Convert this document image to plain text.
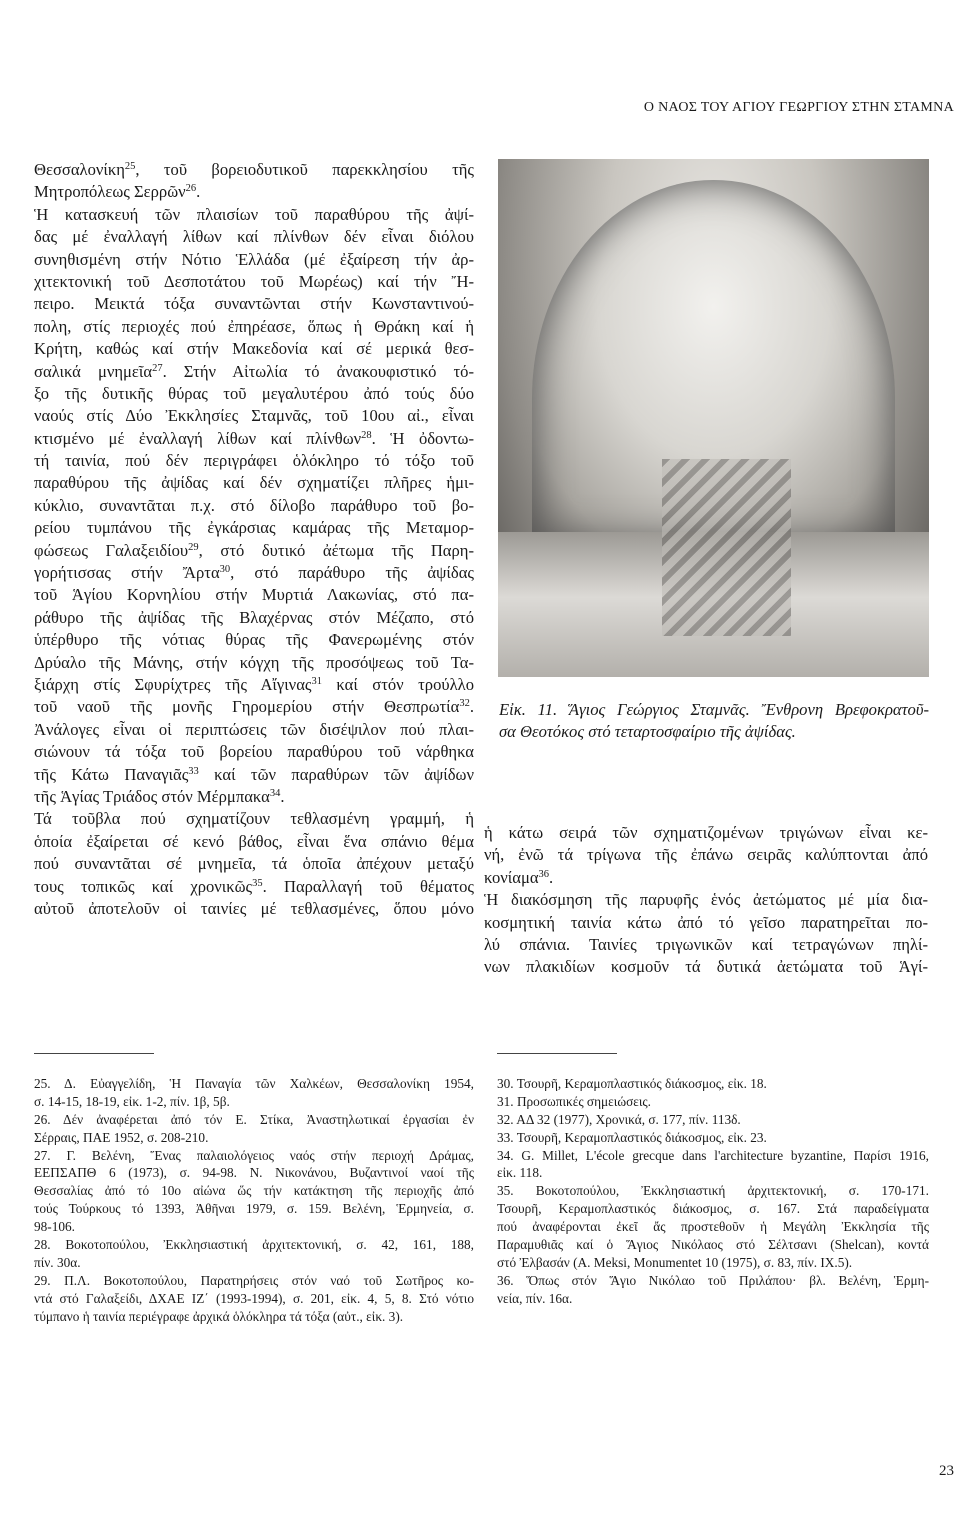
Ο ΝΑΟΣ ΤΟΥ ΑΓΙΟΥ ΓΕΩΡΓΙΟΥ ΣΤΗΝ ΣΤΑΜΝΑ
Θεσσαλονίκη$^{25}$, τοῦ βορειοδυτικοῦ παρεκκλησίου τῆς
Μητροπόλεως Σερρῶν$^{26}$.
Ἡ κατασκευή τῶν πλαισίων τοῦ παραθύρου τῆς ἀψί-
δας μέ ἐναλλαγή λίθων καί πλίνθων δέν εἶναι διόλου
συνηθισμένη στήν Νότιο Ἑλλάδα (μέ ἐξαίρεση τήν ἀρ-
χιτεκτονική τοῦ Δεσποτάτου τοῦ Μωρέως) καί τήν Ἤ-
πειρο. Μεικτά τόξα συναντῶνται στήν Κωνσταντινού-
πολη, στίς περιοχές πού ἐπηρέασε, ὅπως ἡ Θράκη καί ἡ
Κρήτη, καθώς καί στήν Μακεδονία καί σέ μερικά θεσ-
σαλικά μνημεῖα$^{27}$. Στήν Αἰτωλία τό ἀνακουφιστικό τό-
ξο τῆς δυτικῆς θύρας τοῦ μεγαλυτέρου ἀπό τούς δύο
ναούς στίς Δύο Ἐκκλησίες Σταμνᾶς, τοῦ 10ου αἰ., εἶναι
κτισμένο μέ ἐναλλαγή λίθων καί πλίνθων$^{28}$. Ἡ ὀδοντω-
τή ταινία, πού δέν περιγράφει ὁλόκληρο τό τόξο τοῦ
παραθύρου τῆς ἀψίδας καί δέν σχηματίζει πλῆρες ἡμι-
κύκλιο, συναντᾶται π.χ. στό δίλοβο παράθυρο τοῦ βο-
ρείου τυμπάνου τῆς ἐγκάρσιας καμάρας τῆς Μεταμορ-
φώσεως Γαλαξειδίου$^{29}$, στό δυτικό ἀέτωμα τῆς Παρη-
γορήτισσας στήν Ἄρτα$^{30}$, στό παράθυρο τῆς ἀψίδας
τοῦ Ἁγίου Κορνηλίου στήν Μυρτιά Λακωνίας, στό πα-
ράθυρο τῆς ἀψίδας τῆς Βλαχέρνας στόν Μέζαπο, στό
ὑπέρθυρο τῆς νότιας θύρας τῆς Φανερωμένης στόν
Δρύαλο τῆς Μάνης, στήν κόγχη τῆς προσόψεως τοῦ Τα-
ξιάρχη στίς Σφυρίχτρες τῆς Αἴγινας$^{31}$ καί στόν τρούλλο
τοῦ ναοῦ τῆς μονῆς Γηρομερίου στήν Θεσπρωτία$^{32}$.
Ἀνάλογες εἶναι οἱ περιπτώσεις τῶν δισέψιλον πού πλαι-
σιώνουν τά τόξα τοῦ βορείου παραθύρου τοῦ νάρθηκα
τῆς Κάτω Παναγιᾶς$^{33}$ καί τῶν παραθύρων τῶν ἀψίδων
τῆς Ἁγίας Τριάδος στόν Μέρμπακα$^{34}$.
Τά τοῦβλα πού σχηματίζουν τεθλασμένη γραμμή, ἡ
ὁποία ἐξαίρεται σέ κενό βάθος, εἶναι ἕνα σπάνιο θέμα
πού συναντᾶται σέ μνημεῖα, τά ὁποῖα ἀπέχουν μεταξύ
τους τοπικῶς καί χρονικῶς$^{35}$. Παραλλαγή τοῦ θέματος
αὐτοῦ ἀποτελοῦν οἱ ταινίες μέ τεθλασμένες, ὅπου μόνο
Εἰκ. 11. Ἅγιος Γεώργιος Σταμνᾶς. Ἔνθρονη Βρεφοκρατοῦ-
σα Θεοτόκος στό τεταρτοσφαίριο τῆς ἀψίδας.
ἡ κάτω σειρά τῶν σχηματιζομένων τριγώνων εἶναι κε-
νή, ἐνῶ τά τρίγωνα τῆς ἐπάνω σειρᾶς καλύπτονται ἀπό
κονίαμα$^{36}$.
Ἡ διακόσμηση τῆς παρυφῆς ἑνός ἀετώματος μέ μία δια-
κοσμητική ταινία κάτω ἀπό τό γεῖσο παρατηρεῖται πο-
λύ σπάνια. Ταινίες τριγωνικῶν καί τετραγώνων πηλί-
νων πλακιδίων κοσμοῦν τά δυτικά ἀετώματα τοῦ Ἁγί-
25. Δ. Εὐαγγελίδη, Ἡ Παναγία τῶν Χαλκέων, Θεσσαλονίκη 1954,
σ. 14-15, 18-19, εἰκ. 1-2, πίν. 1β, 5β.
26. Δέν ἀναφέρεται ἀπό τόν Ε. Στίκα, Ἀναστηλωτικαί ἐργασίαι ἐν
Σέρραις, ΠΑΕ 1952, σ. 208-210.
27. Γ. Βελένη, Ἕνας παλαιολόγειος ναός στήν περιοχή Δράμας,
ΕΕΠΣΑΠΘ 6 (1973), σ. 94-98. Ν. Νικονάνου, Βυζαντινοί ναοί τῆς
Θεσσαλίας ἀπό τό 10ο αἰώνα ὥς τήν κατάκτηση τῆς περιοχῆς ἀπό
τούς Τούρκους τό 1393, Ἀθῆναι 1979, σ. 159. Βελένη, Ἑρμηνεία, σ.
98-106.
28. Βοκοτοπούλου, Ἐκκλησιαστική ἀρχιτεκτονική, σ. 42, 161, 188,
πίν. 30α.
29. Π.Λ. Βοκοτοπούλου, Παρατηρήσεις στόν ναό τοῦ Σωτῆρος κο-
ντά στό Γαλαξείδι, ΔΧΑΕ ΙΖ΄ (1993-1994), σ. 201, εἰκ. 4, 5, 8. Στό νότιο
τύμπανο ἡ ταινία περιέγραφε ἀρχικά ὁλόκληρα τά τόξα (αὐτ., εἰκ. 3).
30. Τσουρῆ, Κεραμοπλαστικός διάκοσμος, εἰκ. 18.
31. Προσωπικές σημειώσεις.
32. ΑΔ 32 (1977), Χρονικά, σ. 177, πίν. 113δ.
33. Τσουρῆ, Κεραμοπλαστικός διάκοσμος, εἰκ. 23.
34. G. Millet, L'école grecque dans l'architecture byzantine, Παρίσι 1916,
εἰκ. 118.
35. Βοκοτοπούλου, Ἐκκλησιαστική ἀρχιτεκτονική, σ. 170-171.
Τσουρῆ, Κεραμοπλαστικός διάκοσμος, σ. 167. Στά παραδείγματα
πού ἀναφέρονται ἐκεῖ ἄς προστεθοῦν ἡ Μεγάλη Ἐκκλησία τῆς
Παραμυθιᾶς καί ὁ Ἅγιος Νικόλαος στό Σέλτσανι (Shelcan), κοντά
στό Ἐλβασάν (A. Meksi, Monumentet 10 (1975), σ. 83, πίν. IX.5).
36. Ὅπως στόν Ἅγιο Νικόλαο τοῦ Πριλάπου· βλ. Βελένη, Ἑρμη-
νεία, πίν. 16α.
23
